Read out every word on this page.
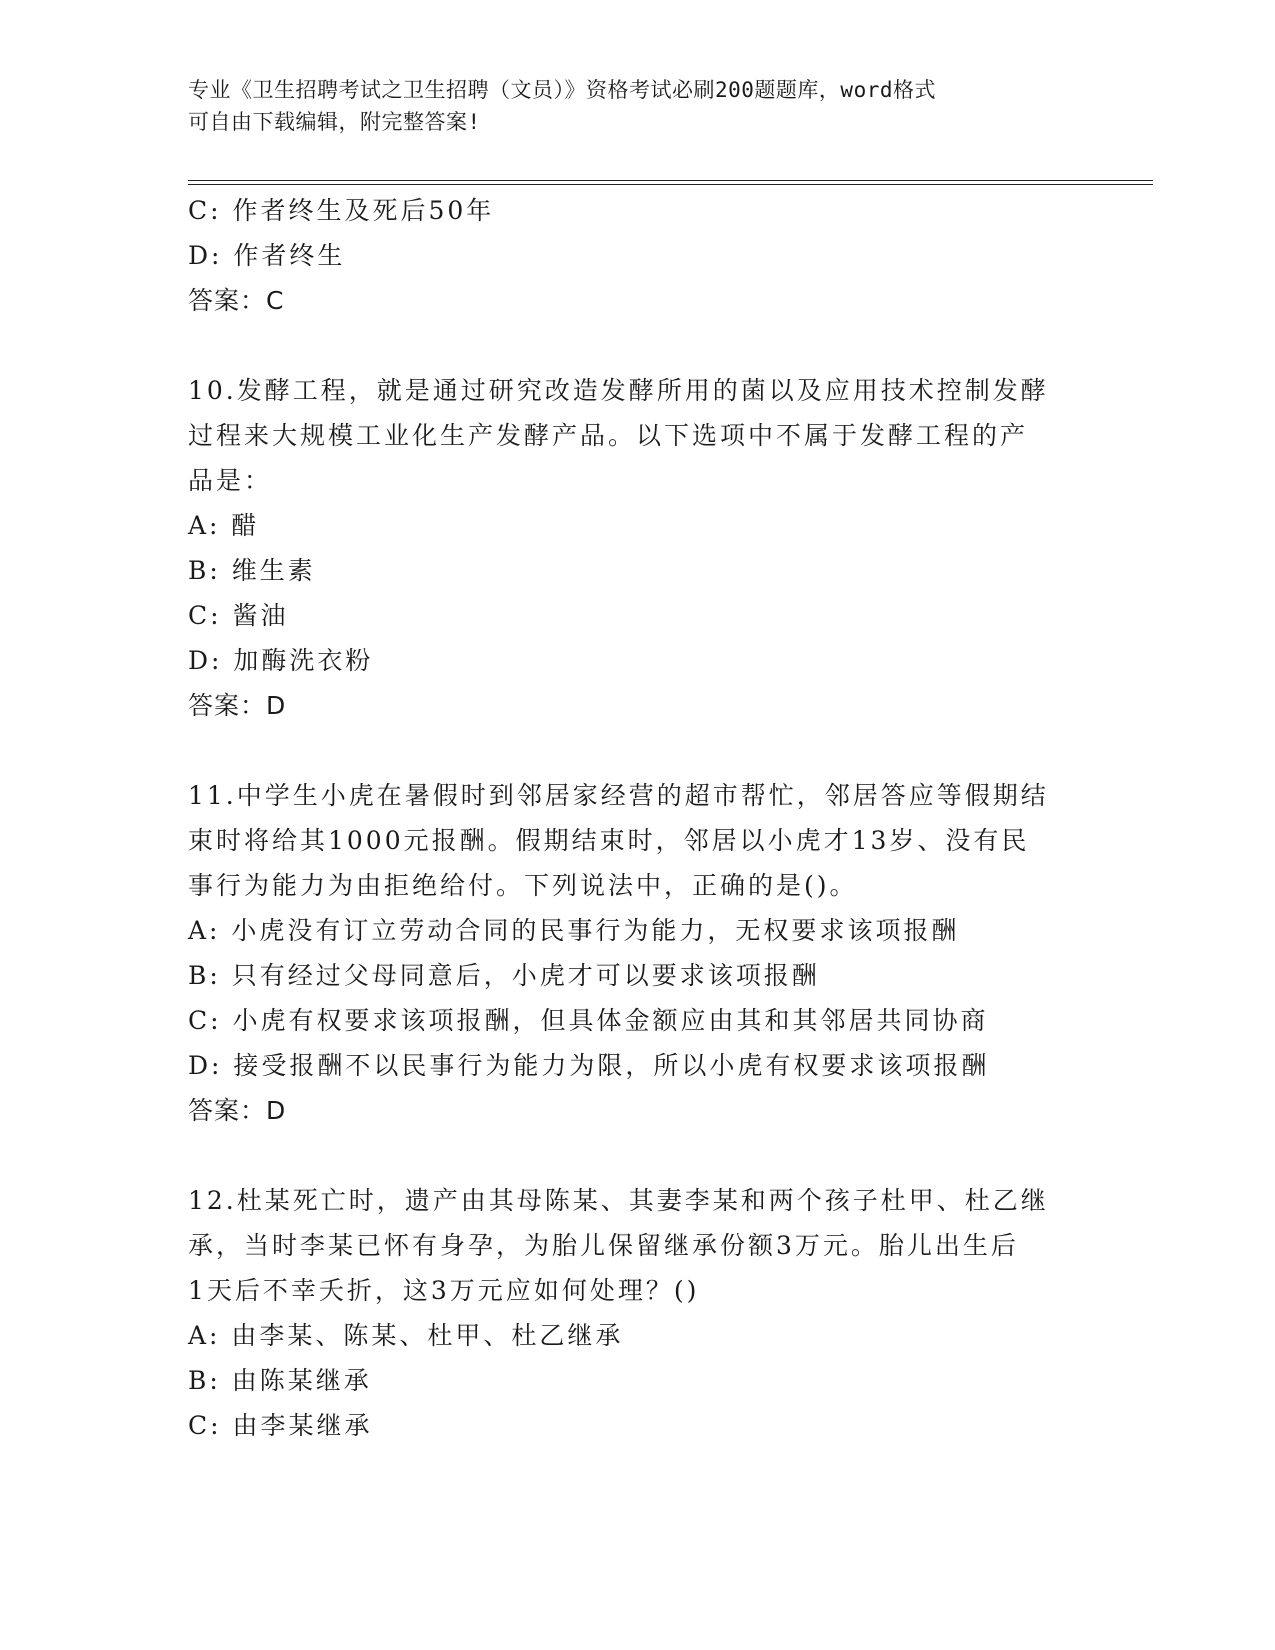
专业《卫生招聘考试之卫生招聘（文员）》资格考试必刷200题题库，word格式
可自由下载编辑，附完整答案!
C: 作者终生及死后50年
D: 作者终生
答案：C
10.发酵工程，就是通过研究改造发酵所用的菌以及应用技术控制发酵
过程来大规模工业化生产发酵产品。以下选项中不属于发酵工程的产
品是：
A: 醋
B: 维生素
C: 酱油
D: 加酶洗衣粉
答案：D
11.中学生小虎在暑假时到邻居家经营的超市帮忙，邻居答应等假期结
束时将给其1000元报酬。假期结束时，邻居以小虎才13岁、没有民
事行为能力为由拒绝给付。下列说法中，正确的是()。
A: 小虎没有订立劳动合同的民事行为能力，无权要求该项报酬
B: 只有经过父母同意后，小虎才可以要求该项报酬
C: 小虎有权要求该项报酬，但具体金额应由其和其邻居共同协商
D: 接受报酬不以民事行为能力为限，所以小虎有权要求该项报酬
答案：D
12.杜某死亡时，遗产由其母陈某、其妻李某和两个孩子杜甲、杜乙继
承，当时李某已怀有身孕，为胎儿保留继承份额3万元。胎儿出生后
1天后不幸夭折，这3万元应如何处理？()
A: 由李某、陈某、杜甲、杜乙继承
B: 由陈某继承
C: 由李某继承
